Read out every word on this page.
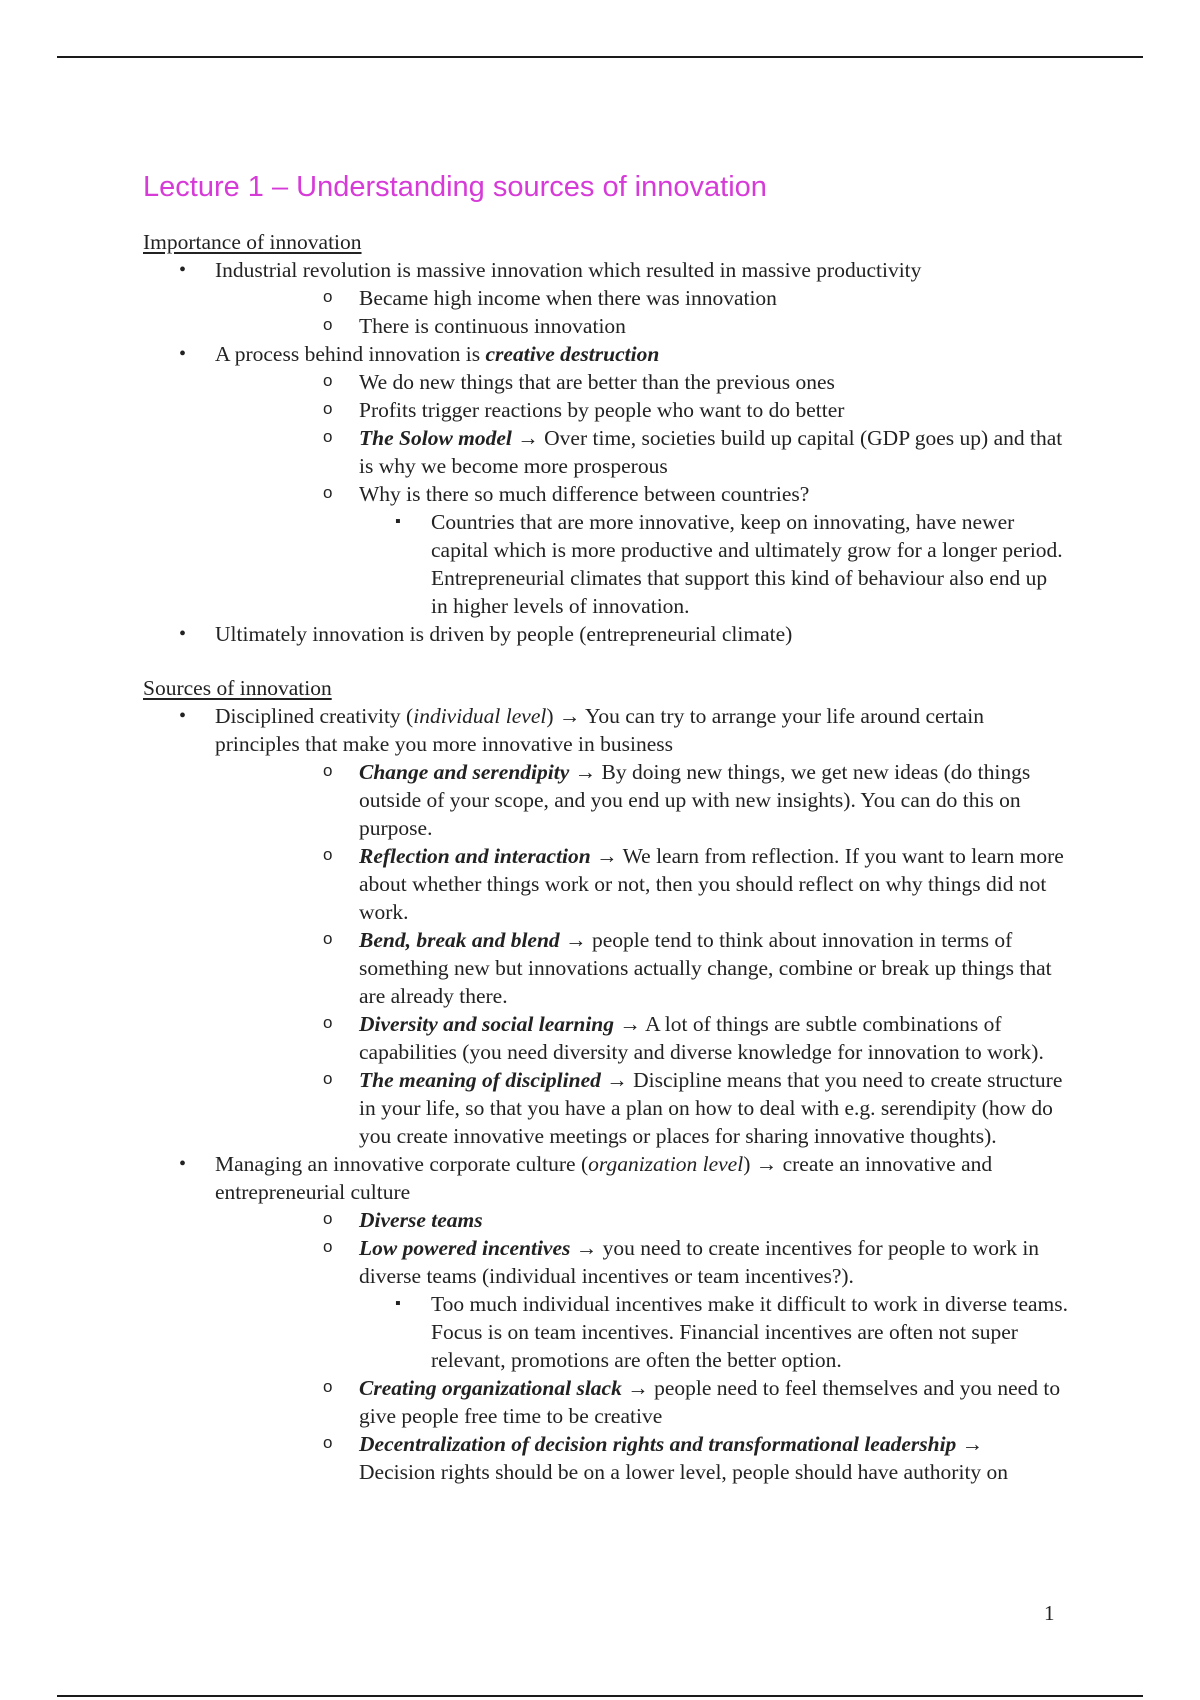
Lecture 1 – Understanding sources of innovation
Importance of innovation
• Industrial revolution is massive innovation which resulted in massive productivity
o Became high income when there was innovation
o There is continuous innovation
• A process behind innovation is creative destruction
o We do new things that are better than the previous ones
o Profits trigger reactions by people who want to do better
o The Solow model → Over time, societies build up capital (GDP goes up) and that is why we become more prosperous
o Why is there so much difference between countries?
▪ Countries that are more innovative, keep on innovating, have newer capital which is more productive and ultimately grow for a longer period. Entrepreneurial climates that support this kind of behaviour also end up in higher levels of innovation.
• Ultimately innovation is driven by people (entrepreneurial climate)
Sources of innovation
• Disciplined creativity (individual level) → You can try to arrange your life around certain principles that make you more innovative in business
o Change and serendipity → By doing new things, we get new ideas (do things outside of your scope, and you end up with new insights). You can do this on purpose.
o Reflection and interaction → We learn from reflection. If you want to learn more about whether things work or not, then you should reflect on why things did not work.
o Bend, break and blend → people tend to think about innovation in terms of something new but innovations actually change, combine or break up things that are already there.
o Diversity and social learning → A lot of things are subtle combinations of capabilities (you need diversity and diverse knowledge for innovation to work).
o The meaning of disciplined → Discipline means that you need to create structure in your life, so that you have a plan on how to deal with e.g. serendipity (how do you create innovative meetings or places for sharing innovative thoughts).
• Managing an innovative corporate culture (organization level) → create an innovative and entrepreneurial culture
o Diverse teams
o Low powered incentives → you need to create incentives for people to work in diverse teams (individual incentives or team incentives?).
▪ Too much individual incentives make it difficult to work in diverse teams. Focus is on team incentives. Financial incentives are often not super relevant, promotions are often the better option.
o Creating organizational slack → people need to feel themselves and you need to give people free time to be creative
o Decentralization of decision rights and transformational leadership →
Decision rights should be on a lower level, people should have authority on
1
